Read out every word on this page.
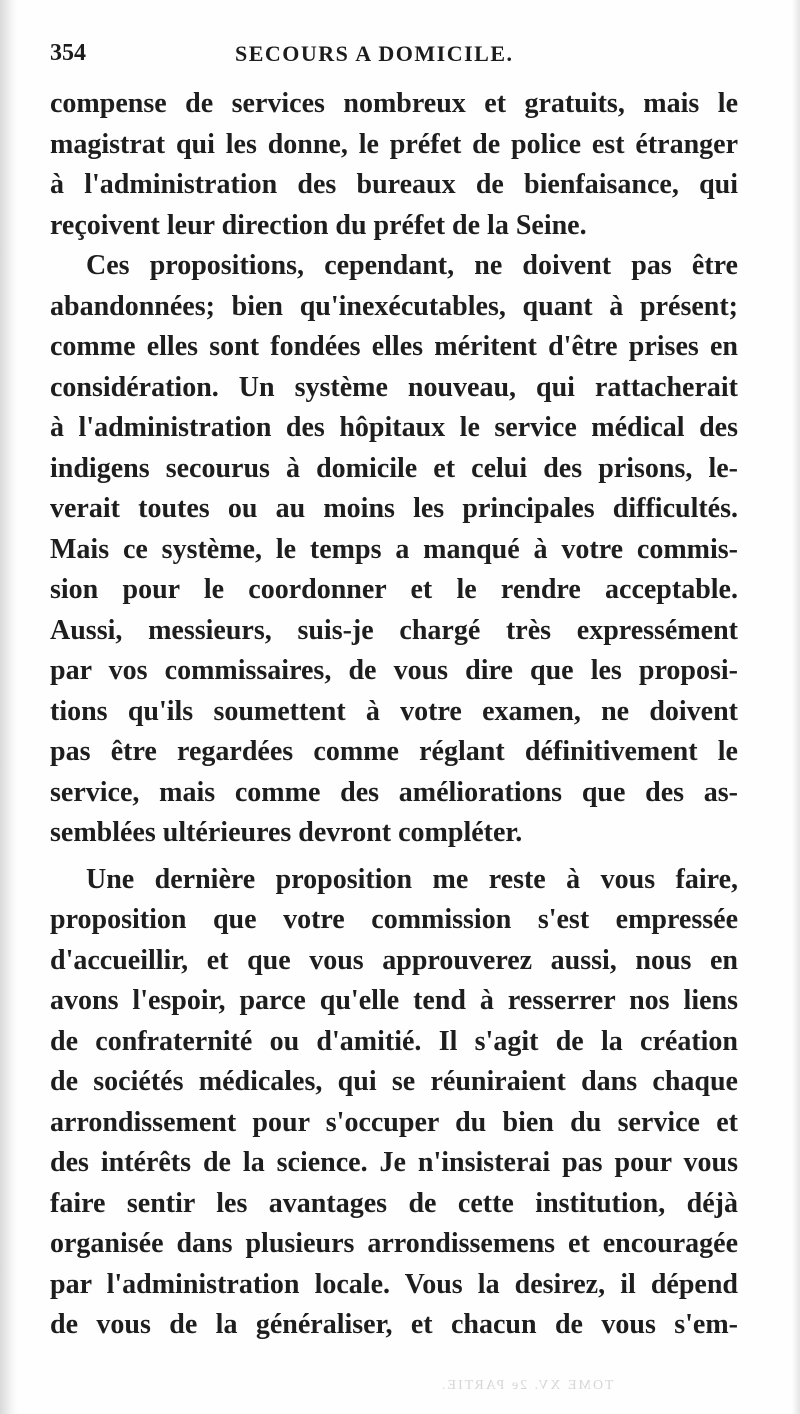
354	SECOURS A DOMICILE.
compense de services nombreux et gratuits, mais le
magistrat qui les donne, le préfet de police est étranger
à l'administration des bureaux de bienfaisance, qui
reçoivent leur direction du préfet de la Seine.
Ces propositions, cependant, ne doivent pas être
abandonnées; bien qu'inexécutables, quant à présent;
comme elles sont fondées elles méritent d'être prises en
considération. Un système nouveau, qui rattacherait
à l'administration des hôpitaux le service médical des
indigens secourus à domicile et celui des prisons, le-
verait toutes ou au moins les principales difficultés.
Mais ce système, le temps a manqué à votre commis-
sion pour le coordonner et le rendre acceptable.
Aussi, messieurs, suis-je chargé très expressément
par vos commissaires, de vous dire que les proposi-
tions qu'ils soumettent à votre examen, ne doivent
pas être regardées comme réglant définitivement le
service, mais comme des améliorations que des as-
semblées ultérieures devront compléter.
Une dernière proposition me reste à vous faire,
proposition que votre commission s'est empressée
d'accueillir, et que vous approuverez aussi, nous en
avons l'espoir, parce qu'elle tend à resserrer nos liens
de confraternité ou d'amitié. Il s'agit de la création
de sociétés médicales, qui se réuniraient dans chaque
arrondissement pour s'occuper du bien du service et
des intérêts de la science. Je n'insisterai pas pour vous
faire sentir les avantages de cette institution, déjà
organisée dans plusieurs arrondissemens et encouragée
par l'administration locale. Vous la desirez, il dépend
de vous de la généraliser, et chacun de vous s'em-
TOME XV. 2e PARTIE.
